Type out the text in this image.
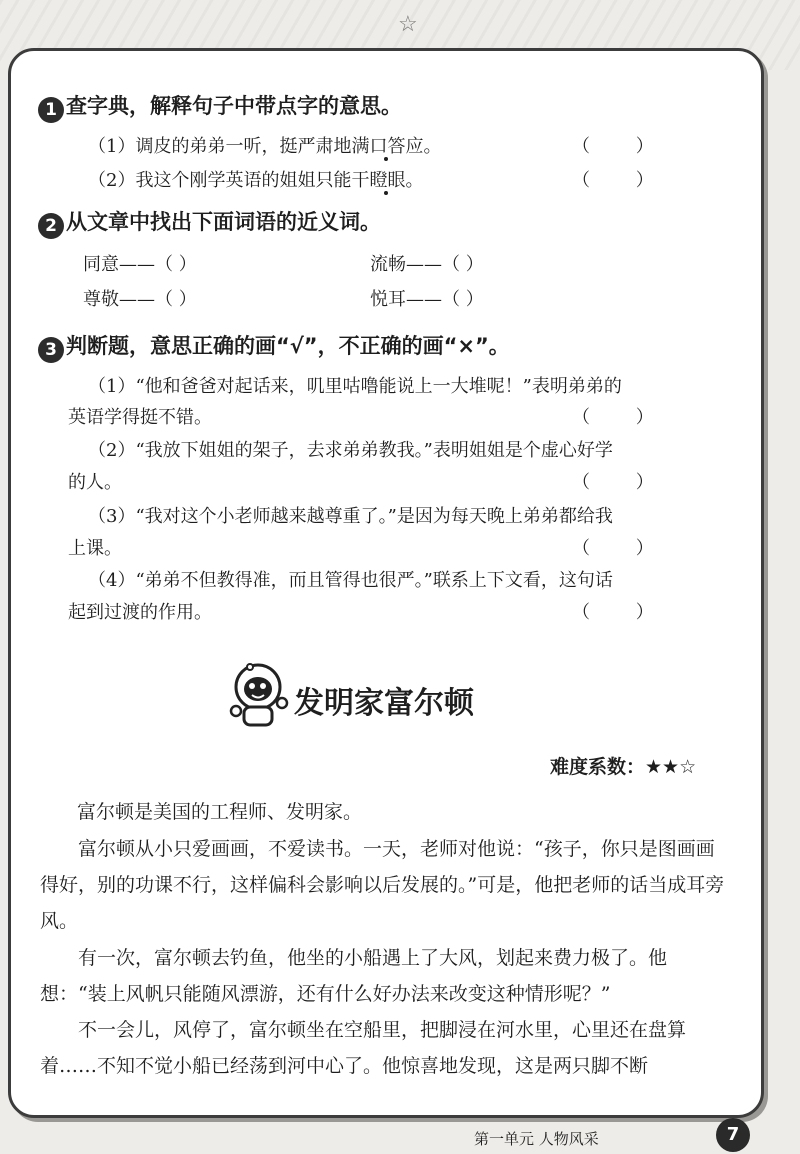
☆
1 查字典，解释句子中带点字的意思。
（1）调皮的弟弟一听，挺严肃地满口答应。	（        ）
（2）我这个刚学英语的姐姐只能干瞪眼。	（        ）
2 从文章中找出下面词语的近义词。
同意——（ ）	流畅——（ ）
尊敬——（ ）	悦耳——（ ）
3 判断题，意思正确的画“√”，不正确的画“×”。
（1）“他和爸爸对起话来，叽里咕噜能说上一大堆呢！”表明弟弟的
英语学得挺不错。	（        ）
（2）“我放下姐姐的架子，去求弟弟教我。”表明姐姐是个虚心好学
的人。	（        ）
（3）“我对这个小老师越来越尊重了。”是因为每天晚上弟弟都给我
上课。	（        ）
（4）“弟弟不但教得准，而且管得也很严。”联系上下文看，这句话
起到过渡的作用。	（        ）
发明家富尔顿
难度系数：★★☆
富尔顿是美国的工程师、发明家。
富尔顿从小只爱画画，不爱读书。一天，老师对他说：“孩子，你只是图画画得好，别的功课不行，这样偏科会影响以后发展的。”可是，他把老师的话当成耳旁风。
有一次，富尔顿去钓鱼，他坐的小船遇上了大风，划起来费力极了。他想：“装上风帆只能随风漂游，还有什么好办法来改变这种情形呢？”
不一会儿，风停了，富尔顿坐在空船里，把脚浸在河水里，心里还在盘算着……不知不觉小船已经荡到河中心了。他惊喜地发现，这是两只脚不断
第一单元 人物风采	7
